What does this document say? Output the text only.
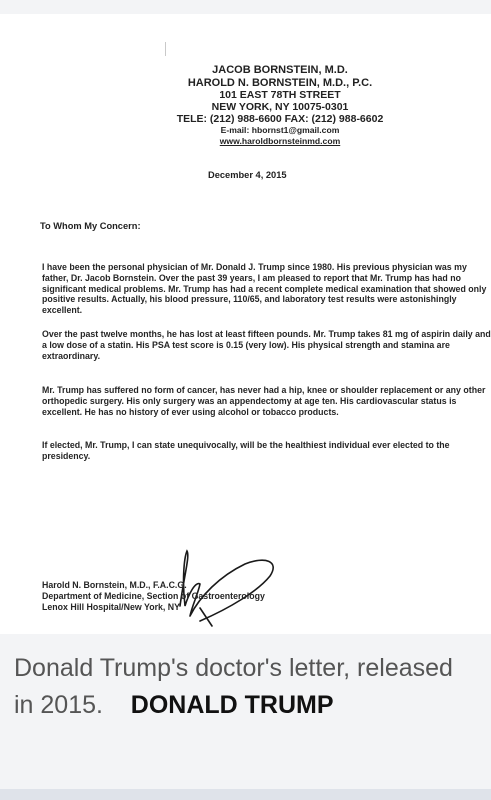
JACOB BORNSTEIN, M.D.
HAROLD N. BORNSTEIN, M.D., P.C.
101 EAST 78TH STREET
NEW YORK, NY 10075-0301
TELE: (212) 988-6600 FAX: (212) 988-6602
E-mail: hbornst1@gmail.com
www.haroldbornsteinmd.com
December 4, 2015
To Whom My Concern:

I have been the personal physician of Mr. Donald J. Trump since 1980. His previous physician was my father, Dr. Jacob Bornstein. Over the past 39 years, I am pleased to report that Mr. Trump has had no significant medical problems. Mr. Trump has had a recent complete medical examination that showed only positive results. Actually, his blood pressure, 110/65, and laboratory test results were astonishingly excellent.

Over the past twelve months, he has lost at least fifteen pounds. Mr. Trump takes 81 mg of aspirin daily and a low dose of a statin. His PSA test score is 0.15 (very low). His physical strength and stamina are extraordinary.

Mr. Trump has suffered no form of cancer, has never had a hip, knee or shoulder replacement or any other orthopedic surgery. His only surgery was an appendectomy at age ten. His cardiovascular status is excellent. He has no history of ever using alcohol or tobacco products.

If elected, Mr. Trump, I can state unequivocally, will be the healthiest individual ever elected to the presidency.

Harold N. Bornstein, M.D., F.A.C.G.
Department of Medicine, Section of Gastroenterology
Lenox Hill Hospital/New York, NY
Donald Trump's doctor's letter, released in 2015. DONALD TRUMP
